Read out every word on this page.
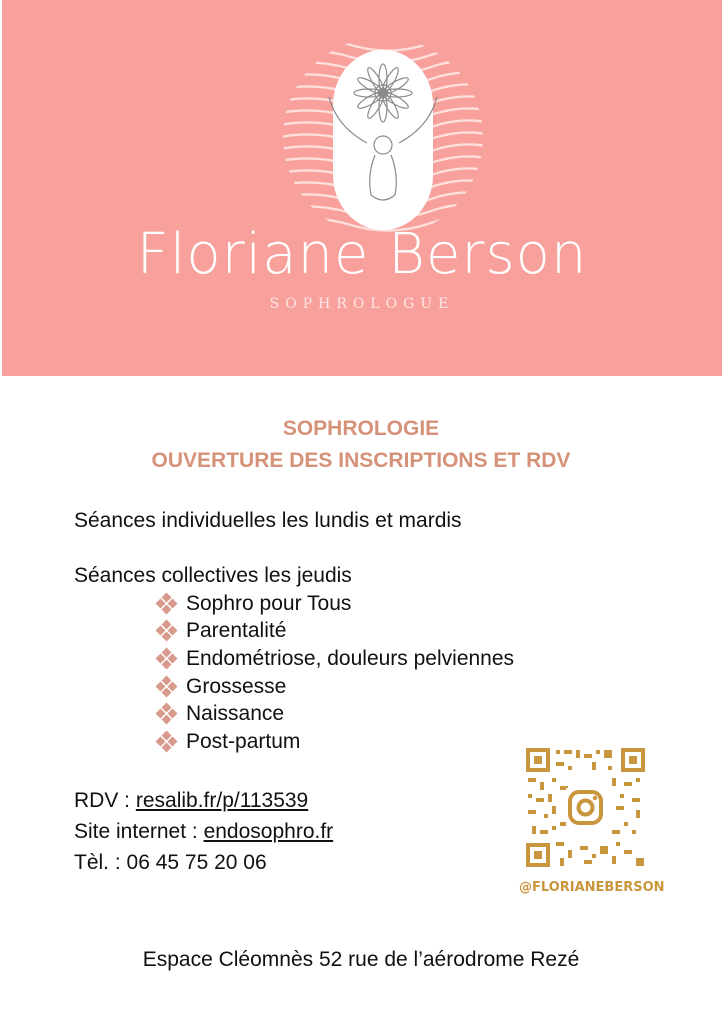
Floriane Berson
SOPHROLOGUE
SOPHROLOGIE
OUVERTURE DES INSCRIPTIONS ET RDV
Séances individuelles les lundis et mardis
Séances collectives les jeudis
Sophro pour Tous
Parentalité
Endométriose, douleurs pelviennes
Grossesse
Naissance
Post-partum
RDV : resalib.fr/p/113539
Site internet : endosophro.fr
Tèl. : 06 45 75 20 06
@FLORIANEBERSON
Espace Cléomnès 52 rue de l’aérodrome Rezé
